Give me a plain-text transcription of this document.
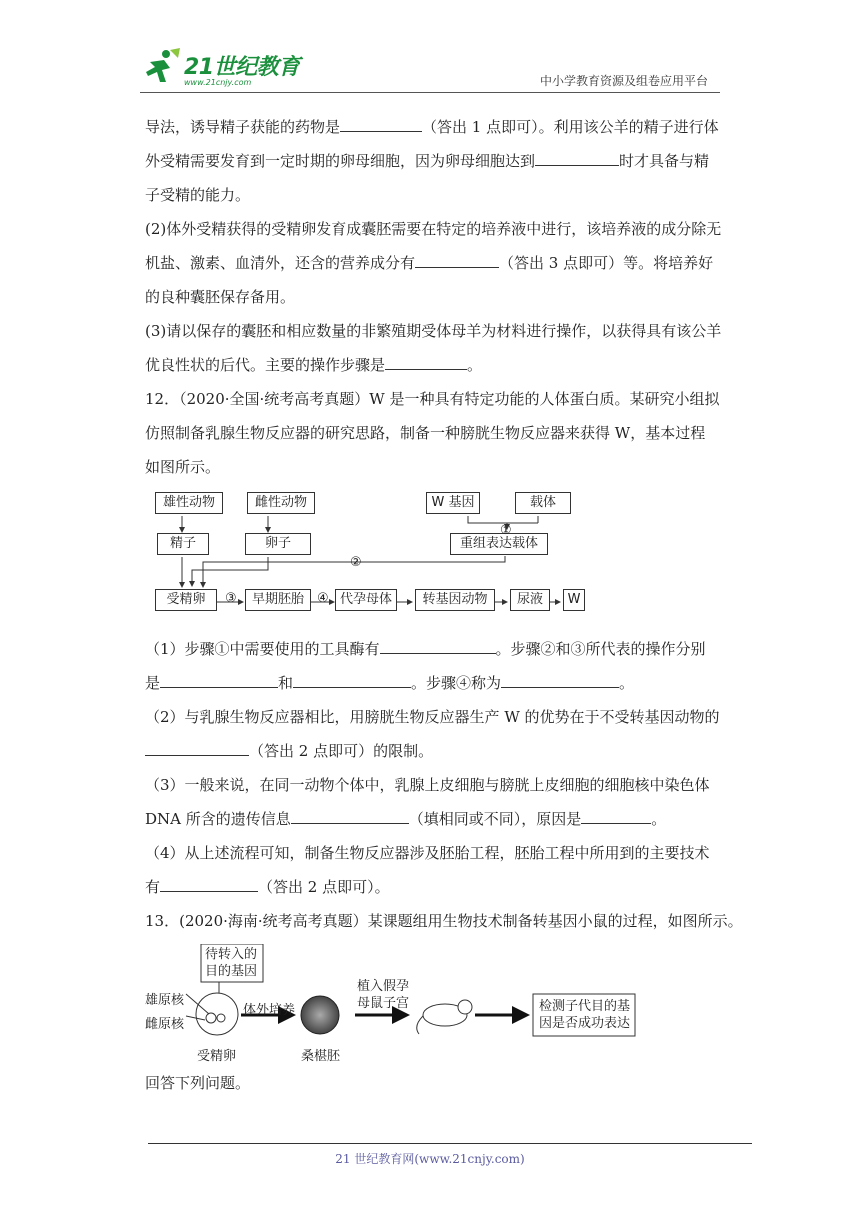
21世纪教育
www.21cnjy.com	中小学教育资源及组卷应用平台

导法，诱导精子获能的药物是	（答出 1 点即可）。利用该公羊的精子进行体

外受精需要发育到一定时期的卵母细胞，因为卵母细胞达到	时才具备与精

子受精的能力。

(2)体外受精获得的受精卵发育成囊胚需要在特定的培养液中进行，该培养液的成分除无

机盐、激素、血清外，还含的营养成分有	（答出 3 点即可）等。将培养好

的良种囊胚保存备用。

(3)请以保存的囊胚和相应数量的非繁殖期受体母羊为材料进行操作，以获得具有该公羊

优良性状的后代。主要的操作步骤是	。

12．（2020·全国·统考高考真题）W 是一种具有特定功能的人体蛋白质。某研究小组拟

仿照制备乳腺生物反应器的研究思路，制备一种膀胱生物反应器来获得 W，基本过程

如图所示。

雄性动物	雌性动物
精子	卵子
W 基因	载体
重组表达载体
受精卵	早期胚胎	代孕母体	转基因动物	尿液	W
①
②
③	④

（1）步骤①中需要使用的工具酶有	。步骤②和③所代表的操作分别

是	和	。步骤④称为	。

（2）与乳腺生物反应器相比，用膀胱生物反应器生产 W 的优势在于不受转基因动物的

（答出 2 点即可）的限制。

（3）一般来说，在同一动物个体中，乳腺上皮细胞与膀胱上皮细胞的细胞核中染色体

DNA 所含的遗传信息	（填相同或不同），原因是	。

（4）从上述流程可知，制备生物反应器涉及胚胎工程，胚胎工程中所用到的主要技术

有	（答出 2 点即可）。

13．(2020·海南·统考高考真题）某课题组用生物技术制备转基因小鼠的过程，如图所示。

待转入的
目的基因
雄原核
雌原核
体外培养
受精卵	桑椹胚
植入假孕
母鼠子宫	检测子代目的基
因是否成功表达

回答下列问题。

21 世纪教育网(www.21cnjy.com)
